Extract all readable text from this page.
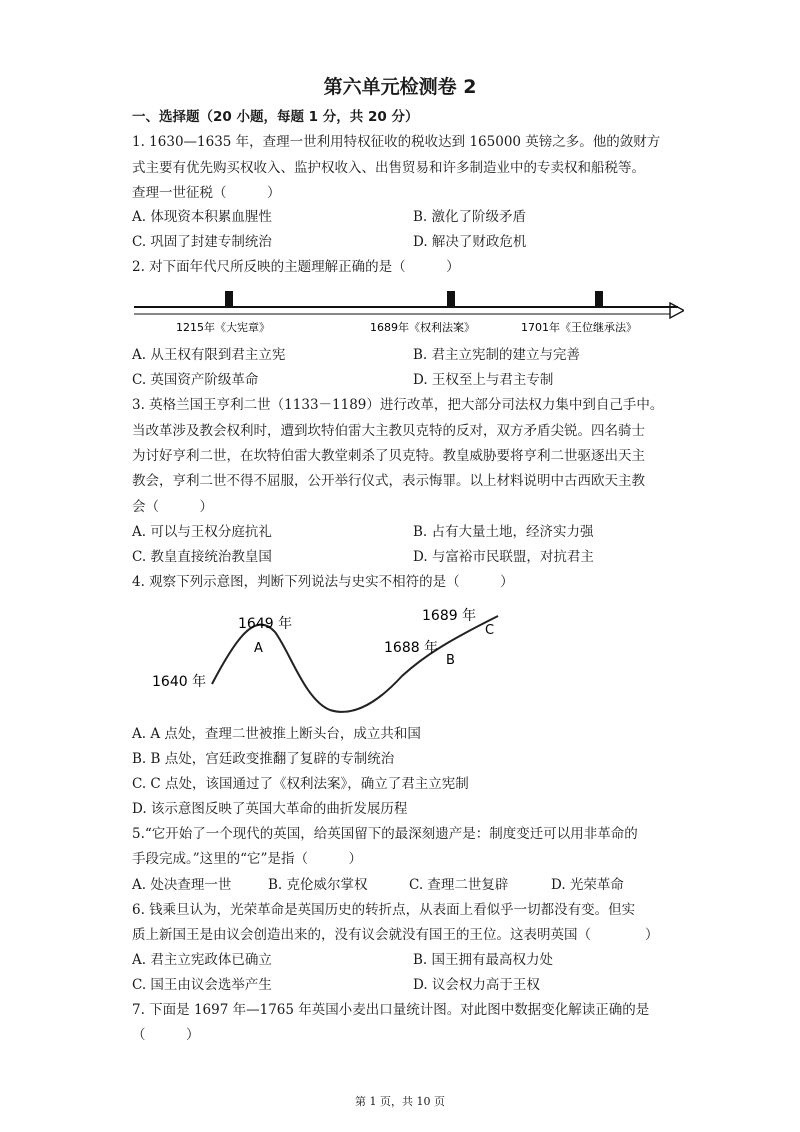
第六单元检测卷 2
一、选择题（20 小题，每题 1 分，共 20 分）
1. 1630—1635 年，查理一世利用特权征收的税收达到 165000 英镑之多。他的敛财方
式主要有优先购买权收入、监护权收入、出售贸易和许多制造业中的专卖权和船税等。
查理一世征税（　　　）
A. 体现资本积累血腥性	B. 激化了阶级矛盾
C. 巩固了封建专制统治	D. 解决了财政危机
2. 对下面年代尺所反映的主题理解正确的是（　　　）
1215年《大宪章》	1689年《权利法案》	1701年《王位继承法》
A. 从王权有限到君主立宪	B. 君主立宪制的建立与完善
C. 英国资产阶级革命	D. 王权至上与君主专制
3. 英格兰国王亨利二世（1133－1189）进行改革，把大部分司法权力集中到自己手中。
当改革涉及教会权利时，遭到坎特伯雷大主教贝克特的反对，双方矛盾尖锐。四名骑士
为讨好亨利二世，在坎特伯雷大教堂刺杀了贝克特。教皇威胁要将亨利二世驱逐出天主
教会，亨利二世不得不屈服，公开举行仪式，表示悔罪。以上材料说明中古西欧天主教
会（　　　）
A. 可以与王权分庭抗礼	B. 占有大量土地，经济实力强
C. 教皇直接统治教皇国	D. 与富裕市民联盟，对抗君主
4. 观察下列示意图，判断下列说法与史实不相符的是（　　　）
1640 年
1649 年
A	1688 年
1689 年
B
C
A. A 点处，查理二世被推上断头台，成立共和国
B. B 点处，宫廷政变推翻了复辟的专制统治
C. C 点处，该国通过了《权利法案》，确立了君主立宪制
D. 该示意图反映了英国大革命的曲折发展历程
5.“它开始了一个现代的英国，给英国留下的最深刻遗产是：制度变迁可以用非革命的
手段完成。”这里的“它”是指（　　　）
A. 处决查理一世	B. 克伦威尔掌权	C. 查理二世复辟	D. 光荣革命
6. 钱乘旦认为，光荣革命是英国历史的转折点，从表面上看似乎一切都没有变。但实
质上新国王是由议会创造出来的，没有议会就没有国王的王位。这表明英国（　　　　）
A. 君主立宪政体已确立	B. 国王拥有最高权力处
C. 国王由议会选举产生	D. 议会权力高于王权
7. 下面是 1697 年—1765 年英国小麦出口量统计图。对此图中数据变化解读正确的是
（　　　）
第 1 页，共 10 页
